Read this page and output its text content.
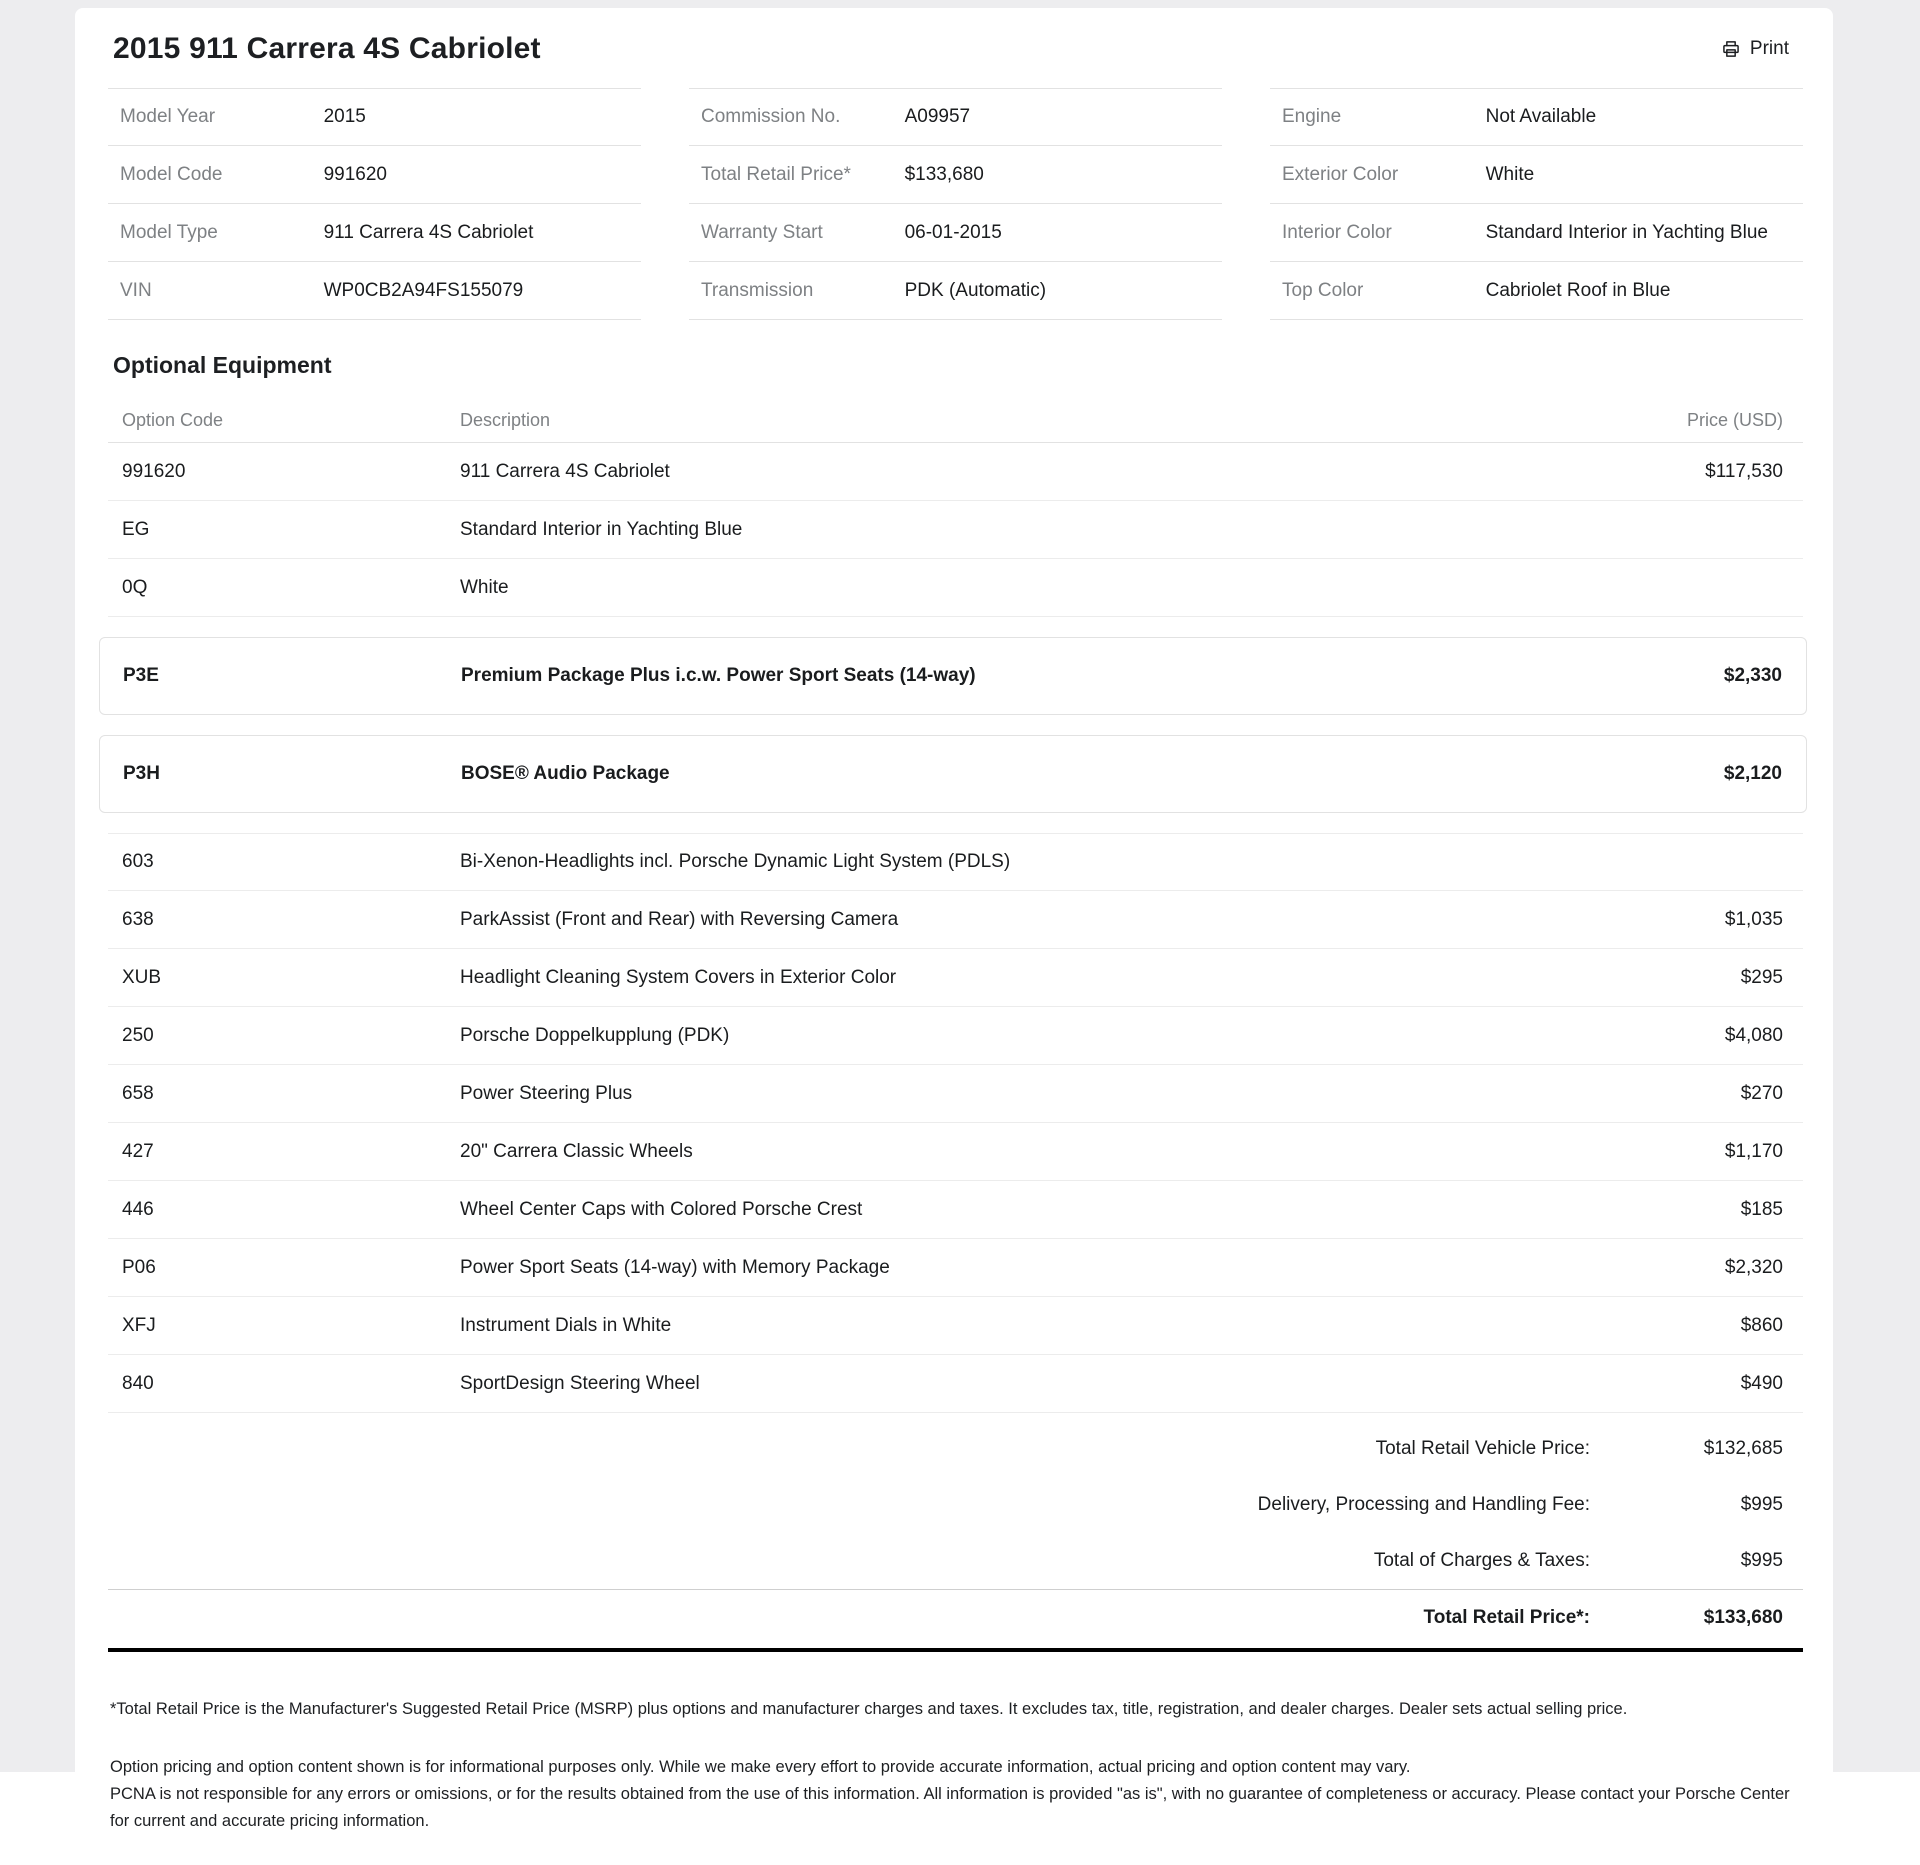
2015 911 Carrera 4S Cabriolet	Print
Model Year	2015
Model Code	991620
Model Type	911 Carrera 4S Cabriolet
VIN	WP0CB2A94FS155079
Commission No.	A09957
Total Retail Price*	$133,680
Warranty Start	06-01-2015
Transmission	PDK (Automatic)
Engine	Not Available
Exterior Color	White
Interior Color	Standard Interior in Yachting Blue
Top Color	Cabriolet Roof in Blue
Optional Equipment
Option Code	Description	Price (USD)
991620	911 Carrera 4S Cabriolet	$117,530
EG	Standard Interior in Yachting Blue
0Q	White
P3E	Premium Package Plus i.c.w. Power Sport Seats (14-way)	$2,330
P3H	BOSE® Audio Package	$2,120
603	Bi-Xenon-Headlights incl. Porsche Dynamic Light System (PDLS)
638	ParkAssist (Front and Rear) with Reversing Camera	$1,035
XUB	Headlight Cleaning System Covers in Exterior Color	$295
250	Porsche Doppelkupplung (PDK)	$4,080
658	Power Steering Plus	$270
427	20" Carrera Classic Wheels	$1,170
446	Wheel Center Caps with Colored Porsche Crest	$185
P06	Power Sport Seats (14-way) with Memory Package	$2,320
XFJ	Instrument Dials in White	$860
840	SportDesign Steering Wheel	$490
Total Retail Vehicle Price:	$132,685
Delivery, Processing and Handling Fee:	$995
Total of Charges & Taxes:	$995
Total Retail Price*:	$133,680

*Total Retail Price is the Manufacturer's Suggested Retail Price (MSRP) plus options and manufacturer charges and taxes. It excludes tax, title, registration, and dealer charges. Dealer sets actual selling price.

Option pricing and option content shown is for informational purposes only. While we make every effort to provide accurate information, actual pricing and option content may vary.

PCNA is not responsible for any errors or omissions, or for the results obtained from the use of this information. All information is provided "as is", with no guarantee of completeness or accuracy. Please contact your Porsche Center for current and accurate pricing information.
